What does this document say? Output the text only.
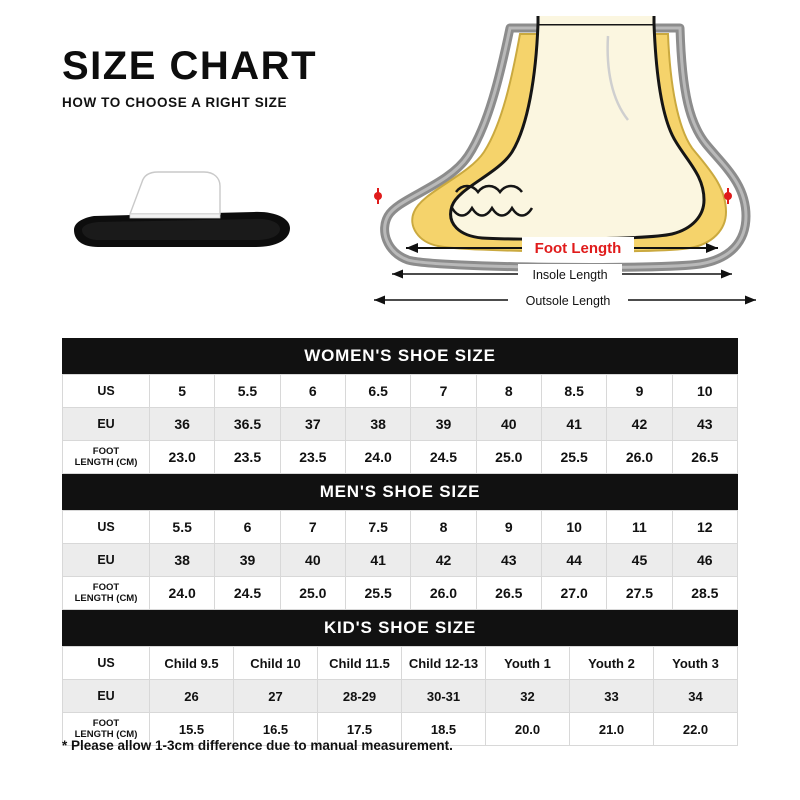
SIZE CHART
HOW TO CHOOSE A RIGHT SIZE
Foot Length
Insole Length
Outsole Length
WOMEN'S SHOE SIZE
US	5	5.5	6	6.5	7	8	8.5	9	10
EU	36	36.5	37	38	39	40	41	42	43

FOOT
LENGTH (CM)	23.0	23.5	23.5	24.0	24.5	25.0	25.5	26.0	26.5
MEN'S SHOE SIZE
US	5.5	6	7	7.5	8	9	10	11	12
EU	38	39	40	41	42	43	44	45	46

FOOT
LENGTH (CM)	24.0	24.5	25.0	25.5	26.0	26.5	27.0	27.5	28.5
KID'S SHOE SIZE
US	Child 9.5	Child 10	Child 11.5	Child 12-13	Youth 1	Youth 2	Youth 3
EU	26	27	28-29	30-31	32	33	34

FOOT
LENGTH (CM)	15.5	16.5	17.5	18.5	20.0	21.0	22.0
* Please allow 1-3cm difference due to manual measurement.
